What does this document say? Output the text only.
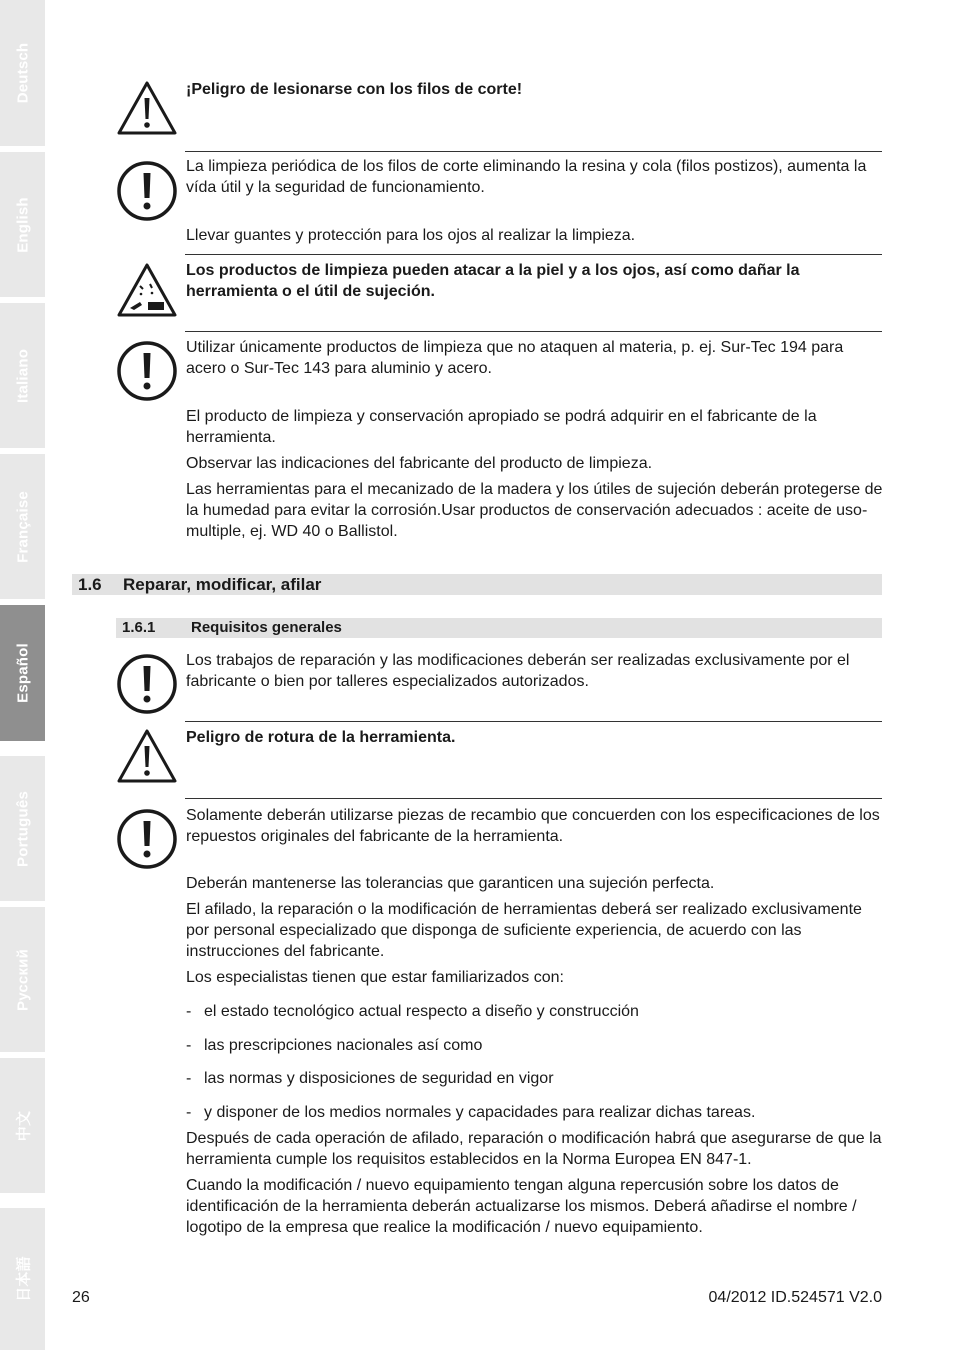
Deutsch
English
Italiano
Française
Español
Português
Русский
中文
日本語

¡Peligro de lesionarse con los filos de corte!

La limpieza periódica de los filos de corte eliminando la resina y cola (filos postizos), aumenta la vída útil y la seguridad de funcionamiento.

Llevar guantes y protección para los ojos al realizar la limpieza.

Los productos de limpieza pueden atacar a la piel y a los ojos, así como dañar la herramienta o el útil de sujeción.

Utilizar únicamente productos de limpieza que no ataquen al materia, p. ej. Sur-Tec 194 para acero o Sur-Tec 143 para aluminio y acero.

El producto de limpieza y conservación apropiado se podrá adquirir en el fabricante de la herramienta.

Observar las indicaciones del fabricante del producto de limpieza.

Las herramientas para el mecanizado de la madera y los útiles de sujeción deberán protegerse de la humedad para evitar la corrosión.Usar productos de conservación adecuados : aceite de uso-multiple, ej. WD 40 o Ballistol.

1.6 Reparar, modificar, afilar
1.6.1 Requisitos generales

Los trabajos de reparación y las modificaciones deberán ser realizadas exclusivamente por el fabricante o bien por talleres especializados autorizados.

Peligro de rotura de la herramienta.

Solamente deberán utilizarse piezas de recambio que concuerden con los especificaciones de los repuestos originales del fabricante de la herramienta.

Deberán mantenerse las tolerancias que garanticen una sujeción perfecta.

El afilado, la reparación o la modificación de herramientas deberá ser realizado exclusivamente por personal especializado que disponga de suficiente experiencia, de acuerdo con las instrucciones del fabricante.

Los especialistas tienen que estar familiarizados con:

- el estado tecnológico actual respecto a diseño y construcción
- las prescripciones nacionales así como
- las normas y disposiciones de seguridad en vigor
- y disponer de los medios normales y capacidades para realizar dichas tareas.

Después de cada operación de afilado, reparación o modificación habrá que asegurarse de que la herramienta cumple los requisitos establecidos en la Norma Europea EN 847-1.

Cuando la modificación / nuevo equipamiento tengan alguna repercusión sobre los datos de identificación de la herramienta deberán actualizarse los mismos. Deberá añadirse el nombre / logotipo de la empresa que realice la modificación / nuevo equipamiento.

26	04/2012 ID.524571 V2.0
